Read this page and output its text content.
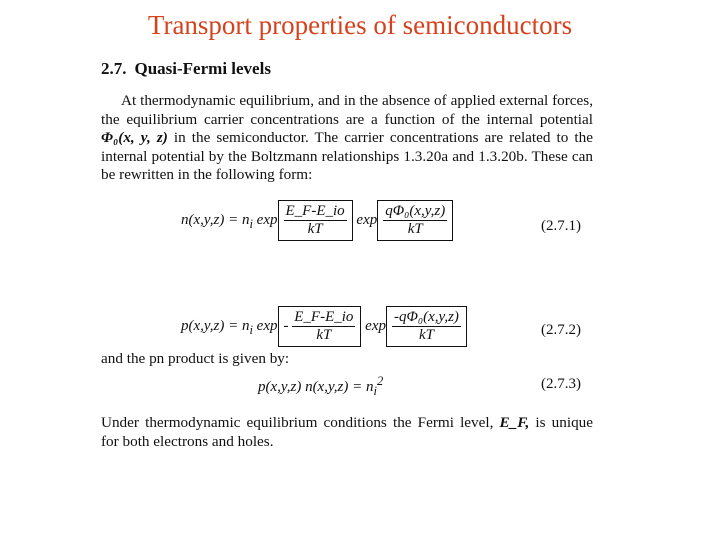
Transport properties of semiconductors
2.7. Quasi-Fermi levels
At thermodynamic equilibrium, and in the absence of applied external forces, the equilibrium carrier concentrations are a function of the internal potential Φ₀(x, y, z) in the semiconductor. The carrier concentrations are related to the internal potential by the Boltzmann relationships 1.3.20a and 1.3.20b. These can be rewritten in the following form:
$n(x,y,z) = n_i$ $\exp \frac{E\_F-E\_io}{kT}$ $\exp \frac{\text{qΦ₀(x,y,z)}}{kT}$	(2.7.1)
$p(x,y,z) = n_i$ exp - $\frac{E\_F-E\_io}{kT}$ $\exp \frac{\text{-qΦ₀(x,y,z)}}{kT}$	(2.7.2)
and the pn product is given by:
p(x,y,z) $n(x,y,z) = n_i^2$	(2.7.3)
Under thermodynamic equilibrium conditions the Fermi level, E_F, is unique for both electrons and holes.
